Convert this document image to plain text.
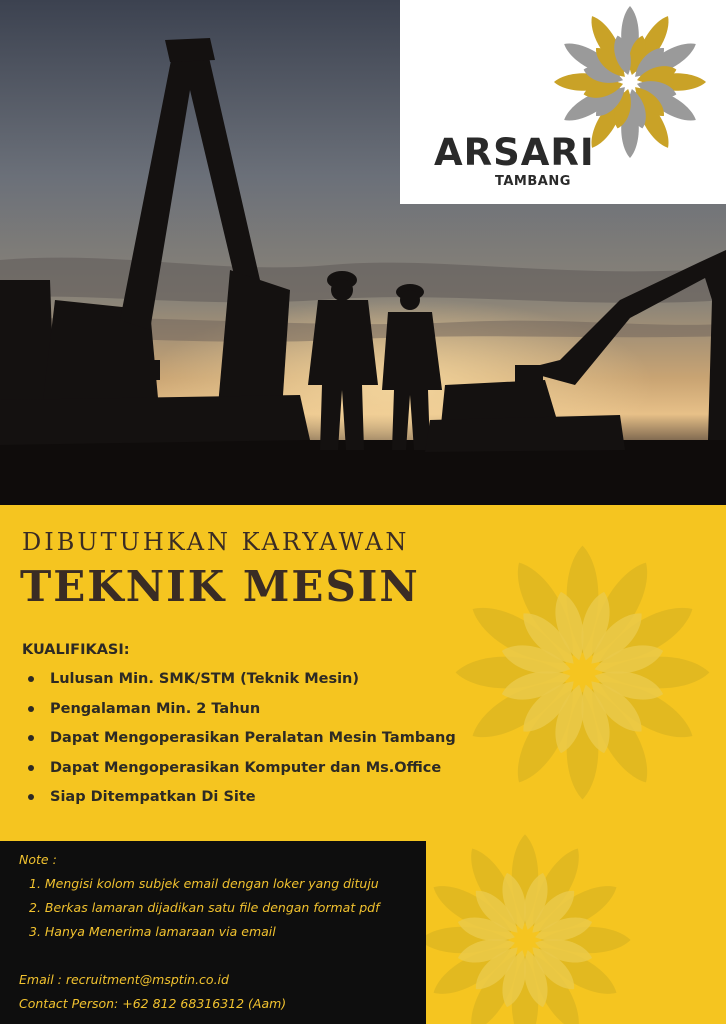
ARSARI
TAMBANG
DIBUTUHKAN KARYAWAN
TEKNIK MESIN
KUALIFIKASI:
Lulusan Min. SMK/STM (Teknik Mesin)
Pengalaman Min. 2 Tahun
Dapat Mengoperasikan Peralatan Mesin Tambang
Dapat Mengoperasikan Komputer dan Ms.Office
Siap Ditempatkan Di Site
Note :
1. Mengisi kolom subjek email dengan loker yang dituju
2. Berkas lamaran dijadikan satu file dengan format pdf
3. Hanya Menerima lamaraan via email
Email : recruitment@msptin.co.id
Contact Person: +62 812 68316312 (Aam)
